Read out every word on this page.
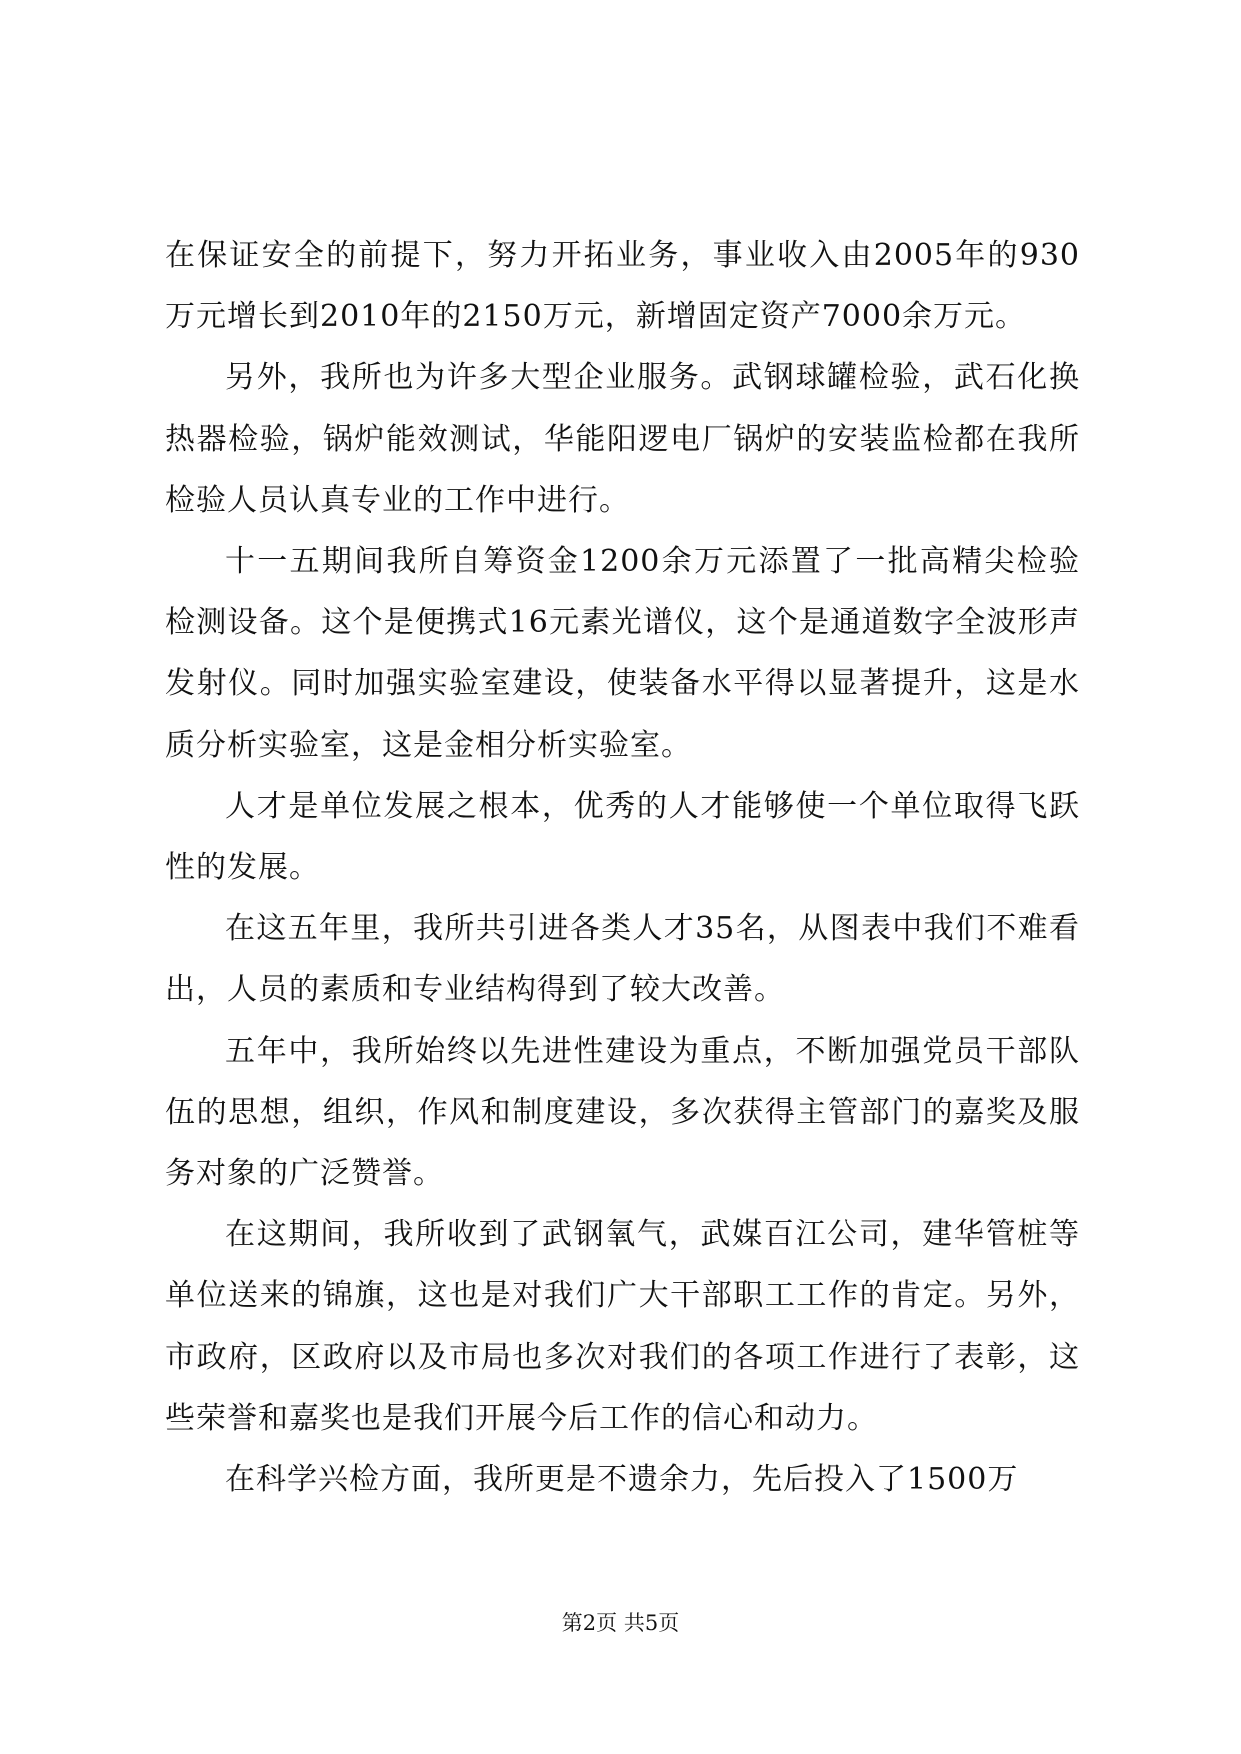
在保证安全的前提下，努力开拓业务，事业收入由2005年的930万元增长到2010年的2150万元，新增固定资产7000余万元。

另外，我所也为许多大型企业服务。武钢球罐检验，武石化换热器检验，锅炉能效测试，华能阳逻电厂锅炉的安装监检都在我所检验人员认真专业的工作中进行。

十一五期间我所自筹资金1200余万元添置了一批高精尖检验检测设备。这个是便携式16元素光谱仪，这个是通道数字全波形声发射仪。同时加强实验室建设，使装备水平得以显著提升，这是水质分析实验室，这是金相分析实验室。

人才是单位发展之根本，优秀的人才能够使一个单位取得飞跃性的发展。

在这五年里，我所共引进各类人才35名，从图表中我们不难看出，人员的素质和专业结构得到了较大改善。

五年中，我所始终以先进性建设为重点，不断加强党员干部队伍的思想，组织，作风和制度建设，多次获得主管部门的嘉奖及服务对象的广泛赞誉。

在这期间，我所收到了武钢氧气，武媒百江公司，建华管桩等单位送来的锦旗，这也是对我们广大干部职工工作的肯定。另外，市政府，区政府以及市局也多次对我们的各项工作进行了表彰，这些荣誉和嘉奖也是我们开展今后工作的信心和动力。

在科学兴检方面，我所更是不遗余力，先后投入了1500万

第2页 共5页
